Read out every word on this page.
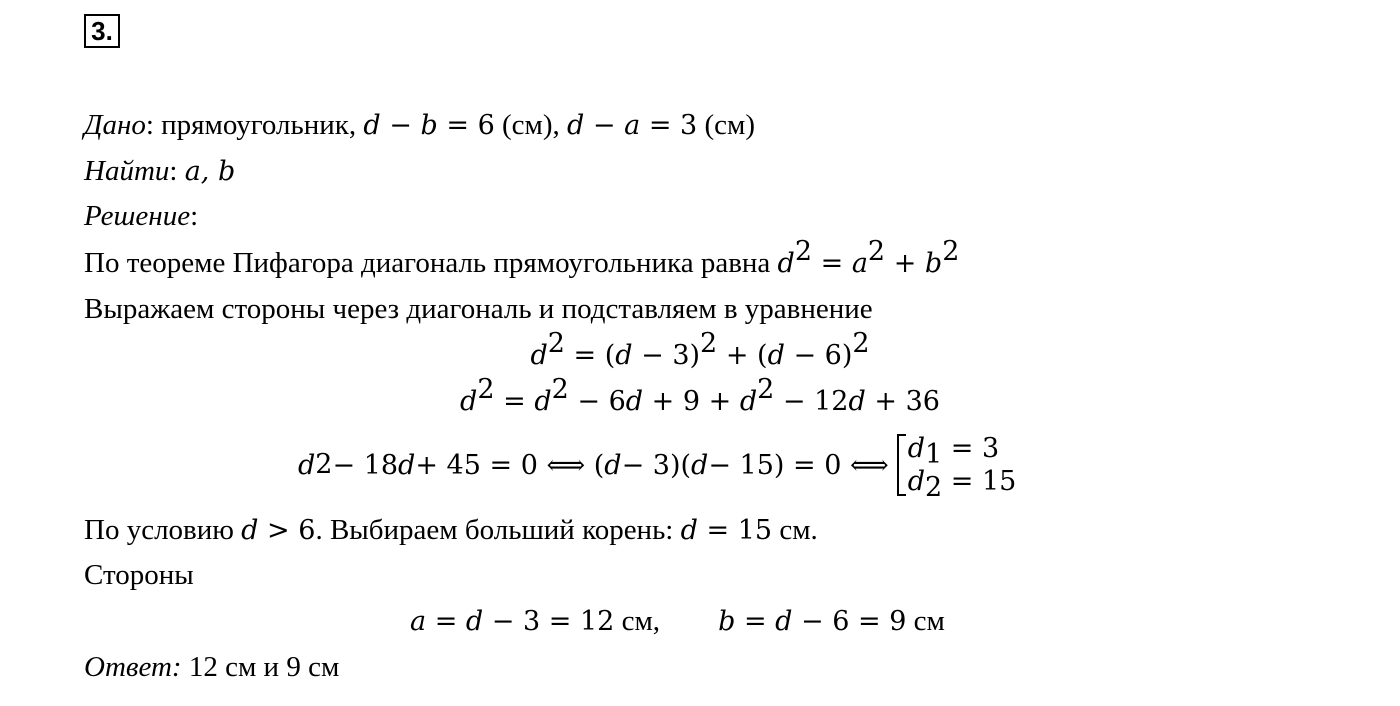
3.
Дано: прямоугольник, d − b = 6 (см), d − a = 3 (см)
Найти: a, b
Решение:
По теореме Пифагора диагональ прямоугольника равна $d^2 = a^2 + b^2$
Выражаем стороны через диагональ и подставляем в уравнение
$d^2 = (d - 3)^2 + (d - 6)^2$
$d^2 = d^2 - 6d + 9 + d^2 - 12d + 36$
d 2 − 18 d + 45 = 0 ⟺ ( d − 3)( d − 15) = 0 ⟺
$d_1 = 3$
$d_2 = 15$
По условию d > 6. Выбираем больший корень: d = 15 см.
Стороны
a = d − 3 = 12 см, b = d − 6 = 9 см
Ответ: 12 см и 9 см
